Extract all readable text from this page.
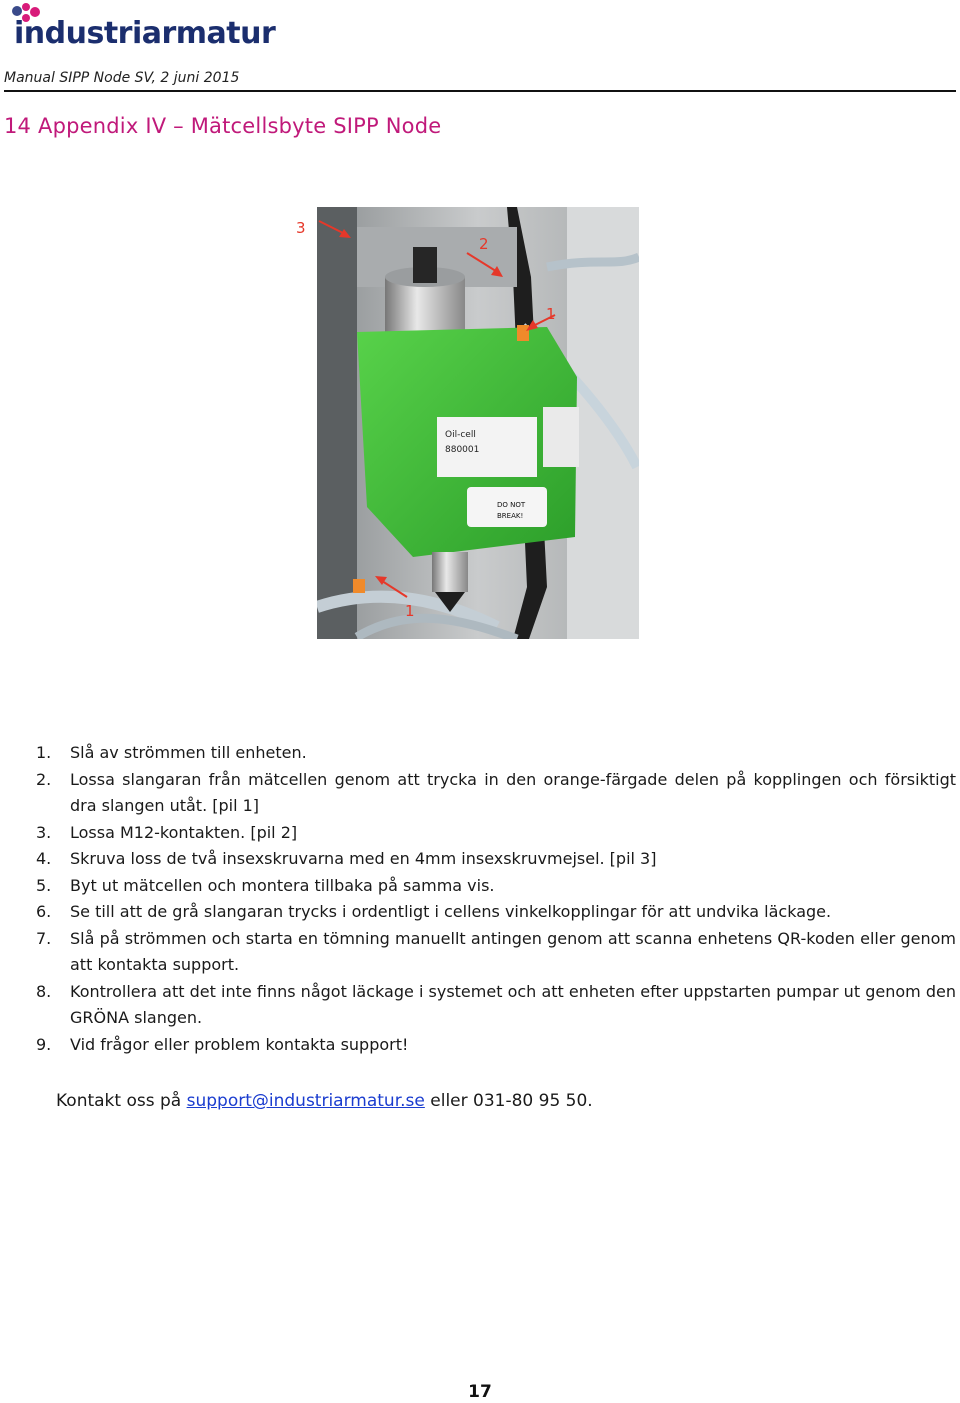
industriarmatur
Manual SIPP Node SV, 2 juni 2015
14 Appendix IV – Mätcellsbyte SIPP Node
Oil-cell
880001
DO NOT
BREAK!
3
2
1
1
1. Slå av strömmen till enheten.
2. Lossa slangaran från mätcellen genom att trycka in den orange-färgade delen på kopplingen och försiktigt dra slangen utåt. [pil 1]
3. Lossa M12-kontakten. [pil 2]
4. Skruva loss de två insexskruvarna med en 4mm insexskruvmejsel. [pil 3]
5. Byt ut mätcellen och montera tillbaka på samma vis.
6. Se till att de grå slangaran trycks i ordentligt i cellens vinkelkopplingar för att undvika läckage.
7. Slå på strömmen och starta en tömning manuellt antingen genom att scanna enhetens QR-koden eller genom att kontakta support.
8. Kontrollera att det inte finns något läckage i systemet och att enheten efter uppstarten pumpar ut genom den GRÖNA slangen.
9. Vid frågor eller problem kontakta support!
Kontakt oss på support@industriarmatur.se eller 031-80 95 50.
17
